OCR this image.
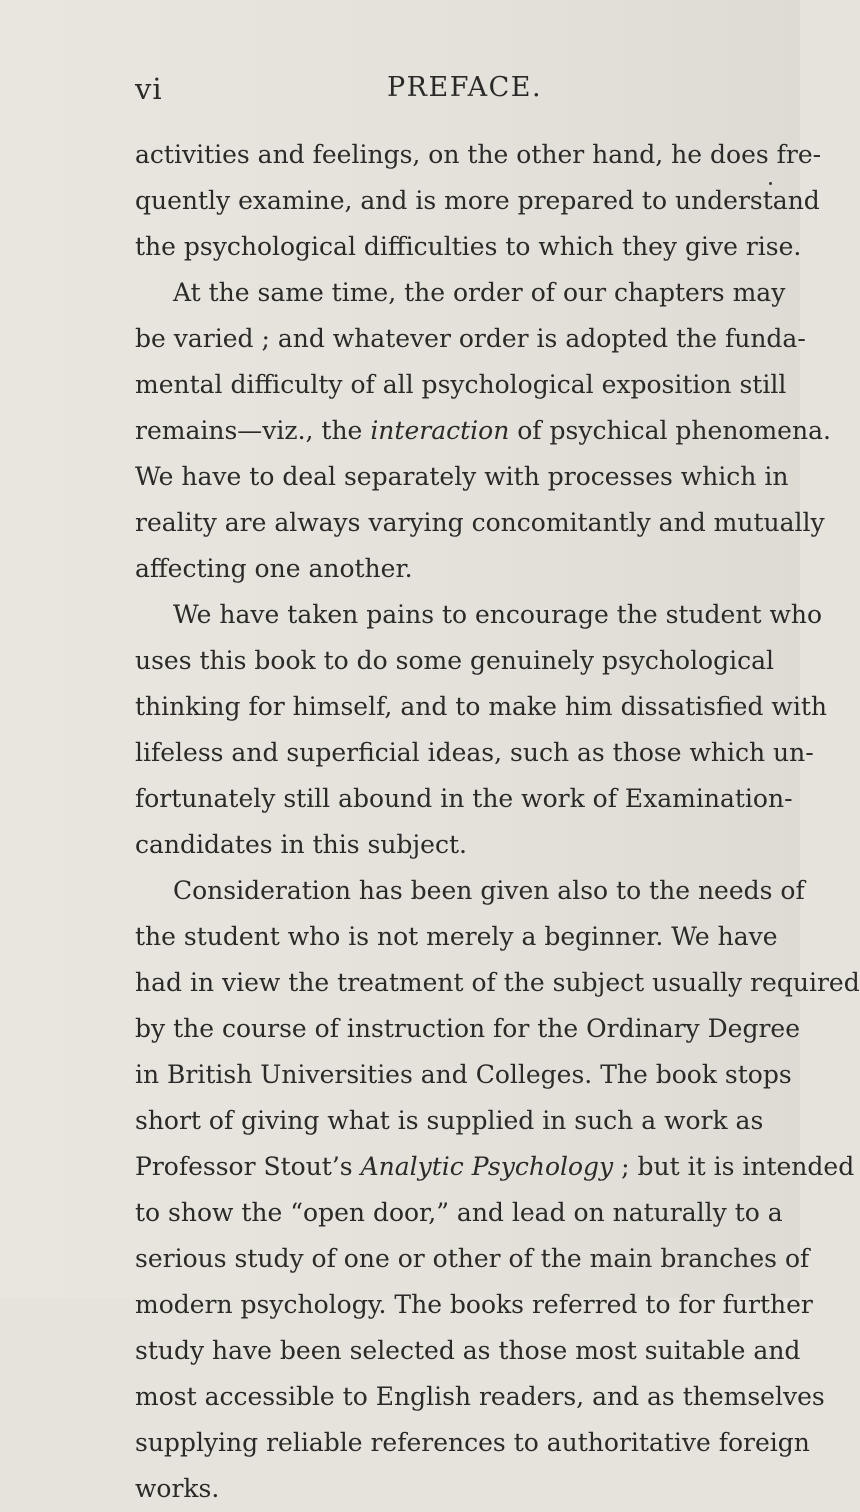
vi	PREFACE.
activities and feelings, on the other hand, he does fre-
quently examine, and is more prepared to understand
the psychological difficulties to which they give rise.
At the same time, the order of our chapters may
be varied ; and whatever order is adopted the funda-
mental difficulty of all psychological exposition still
remains—viz., the interaction of psychical phenomena.
We have to deal separately with processes which in
reality are always varying concomitantly and mutually
affecting one another.
We have taken pains to encourage the student who
uses this book to do some genuinely psychological
thinking for himself, and to make him dissatisfied with
lifeless and superficial ideas, such as those which un-
fortunately still abound in the work of Examination-
candidates in this subject.
Consideration has been given also to the needs of
the student who is not merely a beginner. We have
had in view the treatment of the subject usually required
by the course of instruction for the Ordinary Degree
in British Universities and Colleges. The book stops
short of giving what is supplied in such a work as
Professor Stout’s Analytic Psychology ; but it is intended
to show the “open door,” and lead on naturally to a
serious study of one or other of the main branches of
modern psychology. The books referred to for further
study have been selected as those most suitable and
most accessible to English readers, and as themselves
supplying reliable references to authoritative foreign
works.
